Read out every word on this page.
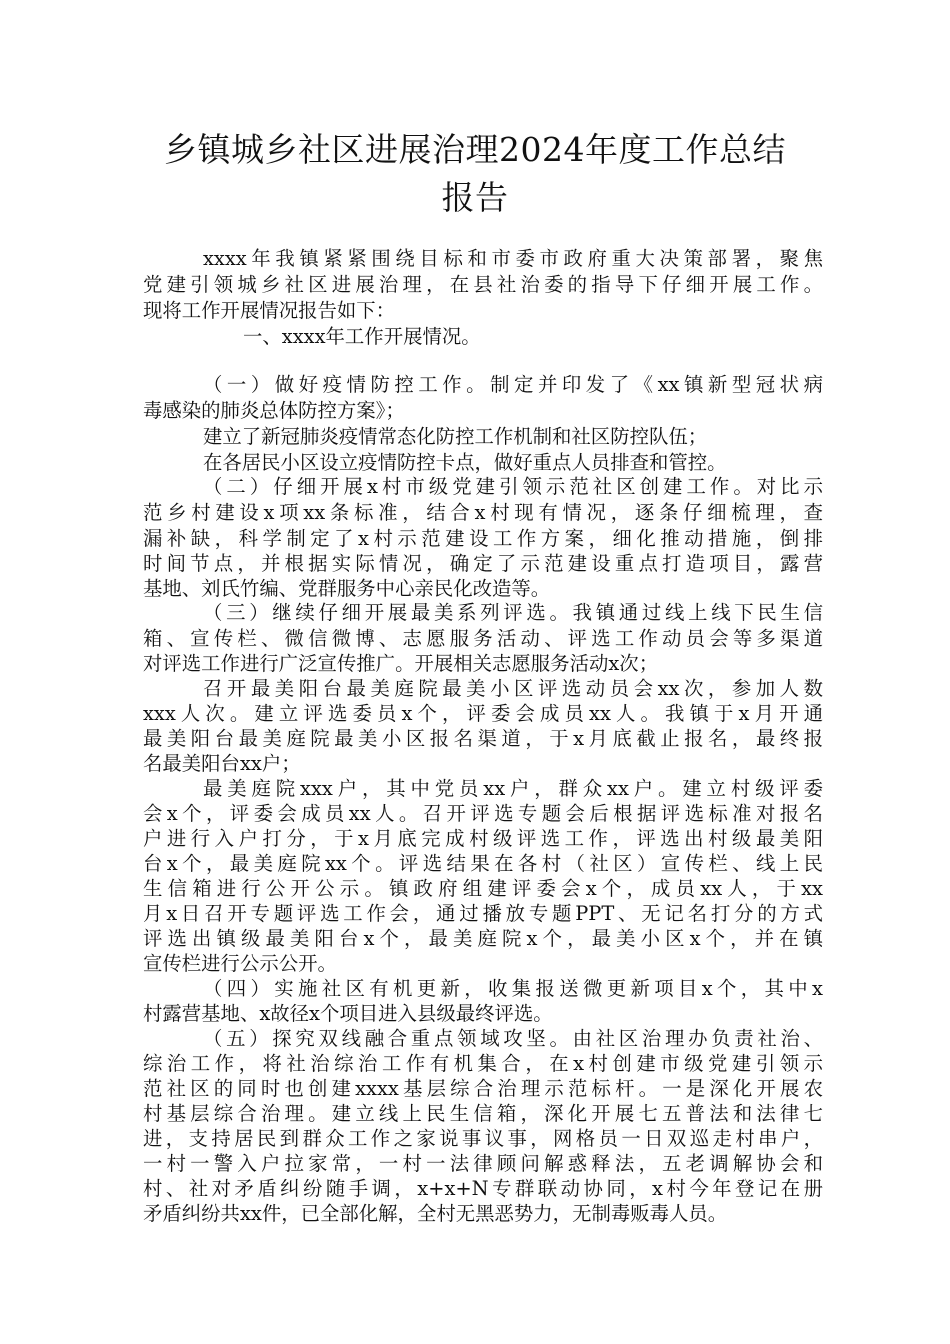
乡镇城乡社区进展治理2024年度工作总结
报告
xxxx年我镇紧紧围绕目标和市委市政府重大决策部署，聚焦
党建引领城乡社区进展治理，在县社治委的指导下仔细开展工作。
现将工作开展情况报告如下：
一、xxxx年工作开展情况。
（一）做好疫情防控工作。制定并印发了《xx镇新型冠状病
毒感染的肺炎总体防控方案》；
建立了新冠肺炎疫情常态化防控工作机制和社区防控队伍；
在各居民小区设立疫情防控卡点，做好重点人员排查和管控。
（二）仔细开展x村市级党建引领示范社区创建工作。对比示
范乡村建设x项xx条标准，结合x村现有情况，逐条仔细梳理，查
漏补缺，科学制定了x村示范建设工作方案，细化推动措施，倒排
时间节点，并根据实际情况，确定了示范建设重点打造项目，露营
基地、刘氏竹编、党群服务中心亲民化改造等。
（三）继续仔细开展最美系列评选。我镇通过线上线下民生信
箱、宣传栏、微信微博、志愿服务活动、评选工作动员会等多渠道
对评选工作进行广泛宣传推广。开展相关志愿服务活动x次；
召开最美阳台最美庭院最美小区评选动员会xx次，参加人数
xxx人次。建立评选委员x个，评委会成员xx人。我镇于x月开通
最美阳台最美庭院最美小区报名渠道，于x月底截止报名，最终报
名最美阳台xx户；
最美庭院xxx户，其中党员xx户，群众xx户。建立村级评委
会x个，评委会成员xx人。召开评选专题会后根据评选标准对报名
户进行入户打分，于x月底完成村级评选工作，评选出村级最美阳
台x个，最美庭院xx个。评选结果在各村（社区）宣传栏、线上民
生信箱进行公开公示。镇政府组建评委会x个，成员xx人，于xx
月x日召开专题评选工作会，通过播放专题PPT、无记名打分的方式
评选出镇级最美阳台x个，最美庭院x个，最美小区x个，并在镇
宣传栏进行公示公开。
（四）实施社区有机更新，收集报送微更新项目x个，其中x
村露营基地、x故径x个项目进入县级最终评选。
（五）探究双线融合重点领域攻坚。由社区治理办负责社治、
综治工作，将社治综治工作有机集合，在x村创建市级党建引领示
范社区的同时也创建xxxx基层综合治理示范标杆。一是深化开展农
村基层综合治理。建立线上民生信箱，深化开展七五普法和法律七
进，支持居民到群众工作之家说事议事，网格员一日双巡走村串户，
一村一警入户拉家常，一村一法律顾问解惑释法，五老调解协会和
村、社对矛盾纠纷随手调，x+x+N专群联动协同，x村今年登记在册
矛盾纠纷共xx件，已全部化解，全村无黑恶势力，无制毒贩毒人员。
